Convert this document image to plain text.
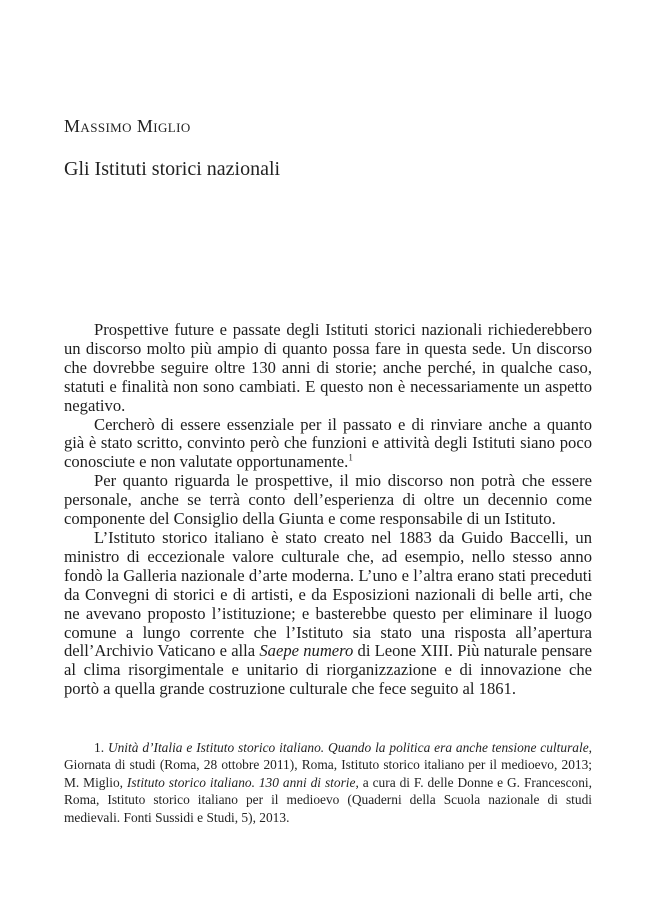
Massimo Miglio
Gli Istituti storici nazionali

Prospettive future e passate degli Istituti storici nazionali richiederebbero un discorso molto più ampio di quanto possa fare in questa sede. Un discorso che dovrebbe seguire oltre 130 anni di storie; anche perché, in qualche caso, statuti e finalità non sono cambiati. E questo non è necessariamente un aspetto negativo.

Cercherò di essere essenziale per il passato e di rinviare anche a quanto già è stato scritto, convinto però che funzioni e attività degli Istituti siano poco conosciute e non valutate opportunamente.$^1$

Per quanto riguarda le prospettive, il mio discorso non potrà che essere personale, anche se terrà conto dell’esperienza di oltre un decennio come componente del Consiglio della Giunta e come responsabile di un Istituto.

L’Istituto storico italiano è stato creato nel 1883 da Guido Baccelli, un ministro di eccezionale valore culturale che, ad esempio, nello stesso anno fondò la Galleria nazionale d’arte moderna. L’uno e l’altra erano stati preceduti da Convegni di storici e di artisti, e da Esposizioni nazionali di belle arti, che ne avevano proposto l’istituzione; e basterebbe questo per eliminare il luogo comune a lungo corrente che l’Istituto sia stato una risposta all’apertura dell’Archivio Vaticano e alla Saepe numero di Leone XIII. Più naturale pensare al clima risorgimentale e unitario di riorganizzazione e di innovazione che portò a quella grande costruzione culturale che fece seguito al 1861.

1. Unità d’Italia e Istituto storico italiano. Quando la politica era anche tensione culturale, Giornata di studi (Roma, 28 ottobre 2011), Roma, Istituto storico italiano per il medioevo, 2013; M. Miglio, Istituto storico italiano. 130 anni di storie, a cura di F. delle Donne e G. Francesconi, Roma, Istituto storico italiano per il medioevo (Quaderni della Scuola nazionale di studi medievali. Fonti Sussidi e Studi, 5), 2013.
